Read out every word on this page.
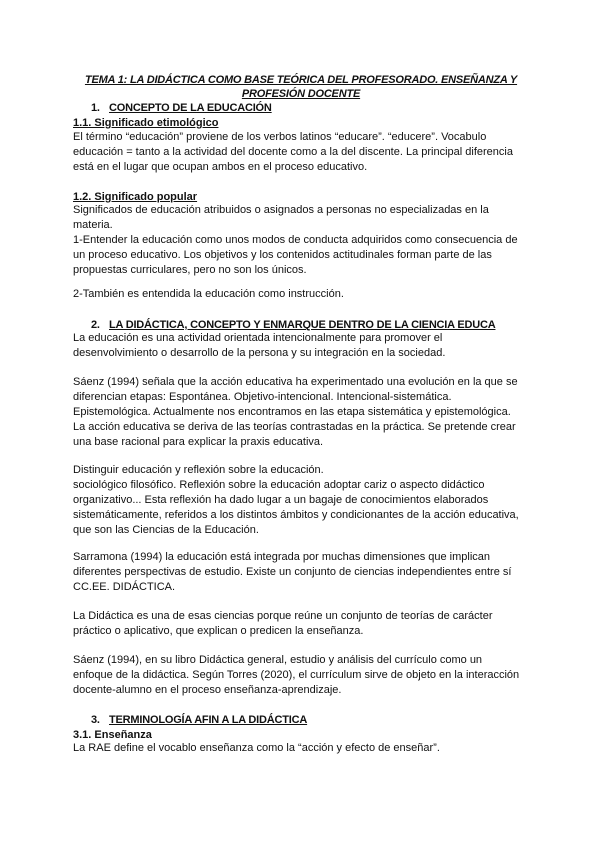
TEMA 1: LA DIDÁCTICA COMO BASE TEÓRICA DEL PROFESORADO. ENSEÑANZA Y
PROFESIÓN DOCENTE
1. CONCEPTO DE LA EDUCACIÓN
1.1. Significado etimológico
El término “educación” proviene de los verbos latinos “educare”. “educere”. Vocabulo
educación = tanto a la actividad del docente como a la del discente. La principal diferencia
está en el lugar que ocupan ambos en el proceso educativo.
1.2. Significado popular
Significados de educación atribuidos o asignados a personas no especializadas en la
materia.
1-Entender la educación como unos modos de conducta adquiridos como consecuencia de
un proceso educativo. Los objetivos y los contenidos actitudinales forman parte de las
propuestas curriculares, pero no son los únicos.
2-También es entendida la educación como instrucción.
2. LA DIDÁCTICA, CONCEPTO Y ENMARQUE DENTRO DE LA CIENCIA EDUCA
La educación es una actividad orientada intencionalmente para promover el
desenvolvimiento o desarrollo de la persona y su integración en la sociedad.
Sáenz (1994) señala que la acción educativa ha experimentado una evolución en la que se
diferencian etapas: Espontánea. Objetivo-intencional. Intencional-sistemática.
Epistemológica. Actualmente nos encontramos en las etapa sistemática y epistemológica.
La acción educativa se deriva de las teorías contrastadas en la práctica. Se pretende crear
una base racional para explicar la praxis educativa.
Distinguir educación y reflexión sobre la educación.
sociológico filosófico. Reflexión sobre la educación adoptar cariz o aspecto didáctico
organizativo... Esta reflexión ha dado lugar a un bagaje de conocimientos elaborados
sistemáticamente, referidos a los distintos ámbitos y condicionantes de la acción educativa,
que son las Ciencias de la Educación.
Sarramona (1994) la educación está integrada por muchas dimensiones que implican
diferentes perspectivas de estudio. Existe un conjunto de ciencias independientes entre sí
CC.EE. DIDÁCTICA.
La Didáctica es una de esas ciencias porque reúne un conjunto de teorías de carácter
práctico o aplicativo, que explican o predicen la enseñanza.
Sáenz (1994), en su libro Didáctica general, estudio y análisis del currículo como un
enfoque de la didáctica. Según Torres (2020), el currículum sirve de objeto en la interacción
docente-alumno en el proceso enseñanza-aprendizaje.
3. TERMINOLOGÍA AFIN A LA DIDÁCTICA
3.1. Enseñanza
La RAE define el vocablo enseñanza como la “acción y efecto de enseñar”.
